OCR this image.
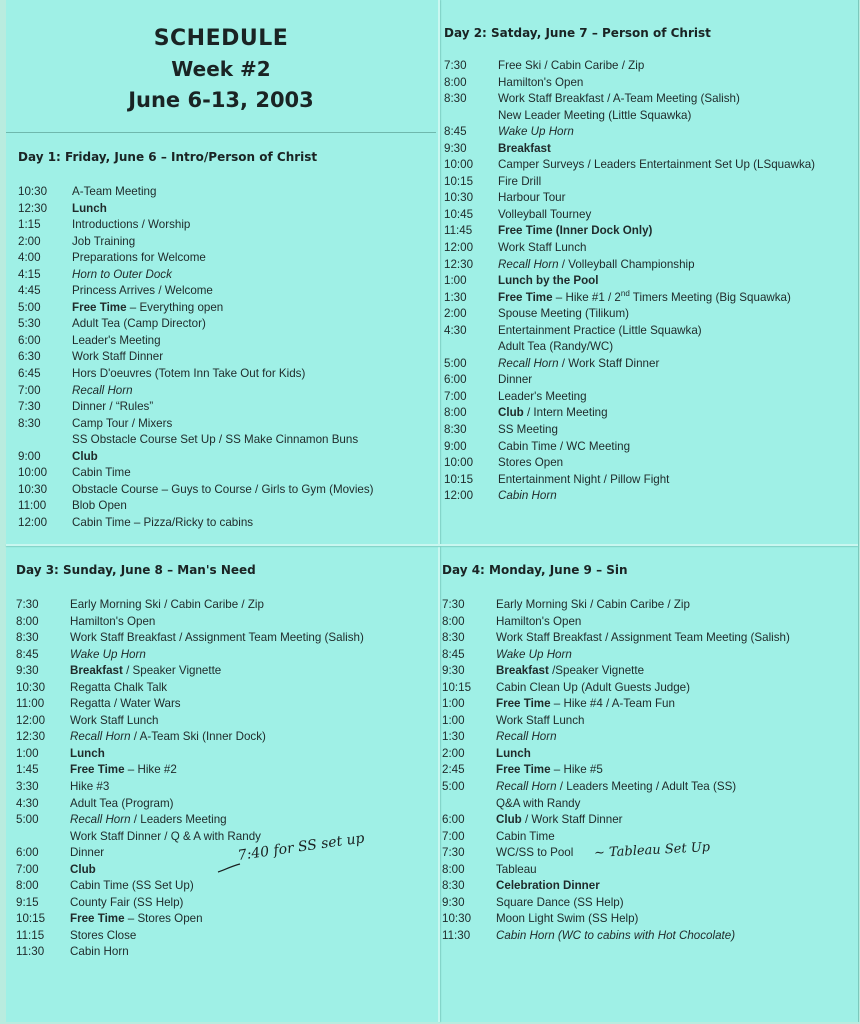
SCHEDULE
Week #2
June 6-13, 2003
Day 1: Friday, June 6 – Intro/Person of Christ
10:30	A-Team Meeting
12:30	Lunch
1:15	Introductions / Worship
2:00	Job Training
4:00	Preparations for Welcome
4:15	Horn to Outer Dock
4:45	Princess Arrives / Welcome
5:00	Free Time – Everything open
5:30	Adult Tea (Camp Director)
6:00	Leader's Meeting
6:30	Work Staff Dinner
6:45	Hors D'oeuvres (Totem Inn Take Out for Kids)
7:00	Recall Horn
7:30	Dinner / “Rules”
8:30	Camp Tour / Mixers
SS Obstacle Course Set Up / SS Make Cinnamon Buns
9:00	Club
10:00	Cabin Time
10:30	Obstacle Course – Guys to Course / Girls to Gym (Movies)
11:00	Blob Open
12:00	Cabin Time – Pizza/Ricky to cabins
Day 2: Satday, June 7 – Person of Christ
7:30	Free Ski / Cabin Caribe / Zip
8:00	Hamilton's Open
8:30	Work Staff Breakfast / A-Team Meeting (Salish)
New Leader Meeting (Little Squawka)
8:45	Wake Up Horn
9:30	Breakfast
10:00	Camper Surveys / Leaders Entertainment Set Up (LSquawka)
10:15	Fire Drill
10:30	Harbour Tour
10:45	Volleyball Tourney
11:45	Free Time (Inner Dock Only)
12:00	Work Staff Lunch
12:30	Recall Horn / Volleyball Championship
1:00	Lunch by the Pool
1:30	Free Time – Hike #1 / 2nd Timers Meeting (Big Squawka)
2:00	Spouse Meeting (Tilikum)
4:30	Entertainment Practice (Little Squawka)
Adult Tea (Randy/WC)
5:00	Recall Horn / Work Staff Dinner
6:00	Dinner
7:00	Leader's Meeting
8:00	Club / Intern Meeting
8:30	SS Meeting
9:00	Cabin Time / WC Meeting
10:00	Stores Open
10:15	Entertainment Night / Pillow Fight
12:00	Cabin Horn
Day 3: Sunday, June 8 – Man's Need
7:30	Early Morning Ski / Cabin Caribe / Zip
8:00	Hamilton's Open
8:30	Work Staff Breakfast / Assignment Team Meeting (Salish)
8:45	Wake Up Horn
9:30	Breakfast / Speaker Vignette
10:30	Regatta Chalk Talk
11:00	Regatta / Water Wars
12:00	Work Staff Lunch
12:30	Recall Horn / A-Team Ski (Inner Dock)
1:00	Lunch
1:45	Free Time – Hike #2
3:30	Hike #3
4:30	Adult Tea (Program)
5:00	Recall Horn / Leaders Meeting
Work Staff Dinner / Q & A with Randy
6:00	Dinner
7:00	Club
8:00	Cabin Time (SS Set Up)
9:15	County Fair (SS Help)
10:15	Free Time – Stores Open
11:15	Stores Close
11:30	Cabin Horn
Day 4: Monday, June 9 – Sin
7:30	Early Morning Ski / Cabin Caribe / Zip
8:00	Hamilton's Open
8:30	Work Staff Breakfast / Assignment Team Meeting (Salish)
8:45	Wake Up Horn
9:30	Breakfast /Speaker Vignette
10:15	Cabin Clean Up (Adult Guests Judge)
1:00	Free Time – Hike #4 / A-Team Fun
1:00	Work Staff Lunch
1:30	Recall Horn
2:00	Lunch
2:45	Free Time – Hike #5
5:00	Recall Horn / Leaders Meeting / Adult Tea (SS)
Q&A with Randy
6:00	Club / Work Staff Dinner
7:00	Cabin Time
7:30	WC/SS to Pool
8:00	Tableau
8:30	Celebration Dinner
9:30	Square Dance (SS Help)
10:30	Moon Light Swim (SS Help)
11:30	Cabin Horn (WC to cabins with Hot Chocolate)
7:40 for SS set up	~ Tableau Set Up
